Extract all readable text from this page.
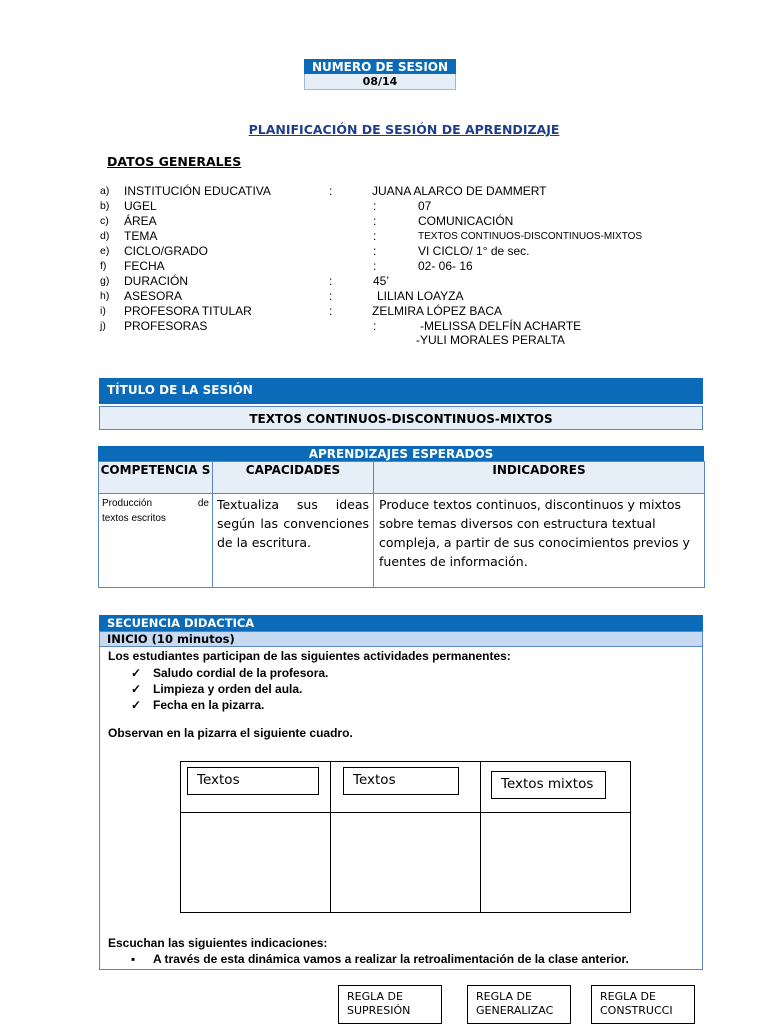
NUMERO DE SESION
08/14
PLANIFICACIÓN DE SESIÓN DE APRENDIZAJE
DATOS GENERALES
a) INSTITUCIÓN EDUCATIVA	:	JUANA ALARCO DE DAMMERT
b) UGEL	:	07
c) ÁREA	:	COMUNICACIÓN
d) TEMA	:	TEXTOS CONTINUOS-DISCONTINUOS-MIXTOS
e) CICLO/GRADO	:	VI CICLO/ 1° de sec.
f) FECHA	:	02- 06- 16
g) DURACIÓN	:	45’
h) ASESORA	:	LILIAN LOAYZA
i) PROFESORA TITULAR	:	ZELMIRA LÓPEZ BACA
j) PROFESORAS	:	-MELISSA DELFÍN ACHARTE
-YULI MORALES PERALTA
TÍTULO DE LA SESIÓN
TEXTOS CONTINUOS-DISCONTINUOS-MIXTOS
APRENDIZAJES ESPERADOS
COMPETENCIA S	CAPACIDADES	INDICADORES

Producción de
textos escritos	Textualiza sus ideas según las convenciones de la escritura.	Produce textos continuos, discontinuos y mixtos sobre temas diversos con estructura textual compleja, a partir de sus conocimientos previos y fuentes de información.
SECUENCIA DIDACTICA
INICIO (10 minutos)
Los estudiantes participan de las siguientes actividades permanentes:
✓ Saludo cordial de la profesora.
✓ Limpieza y orden del aula.
✓ Fecha en la pizarra.
Observan en la pizarra el siguiente cuadro.
Escuchan las siguientes indicaciones:
▪ A través de esta dinámica vamos a realizar la retroalimentación de la clase anterior.
Textos	Textos	Textos mixtos
REGLA DE SUPRESIÓN
REGLA DE GENERALIZAC
REGLA DE CONSTRUCCI
